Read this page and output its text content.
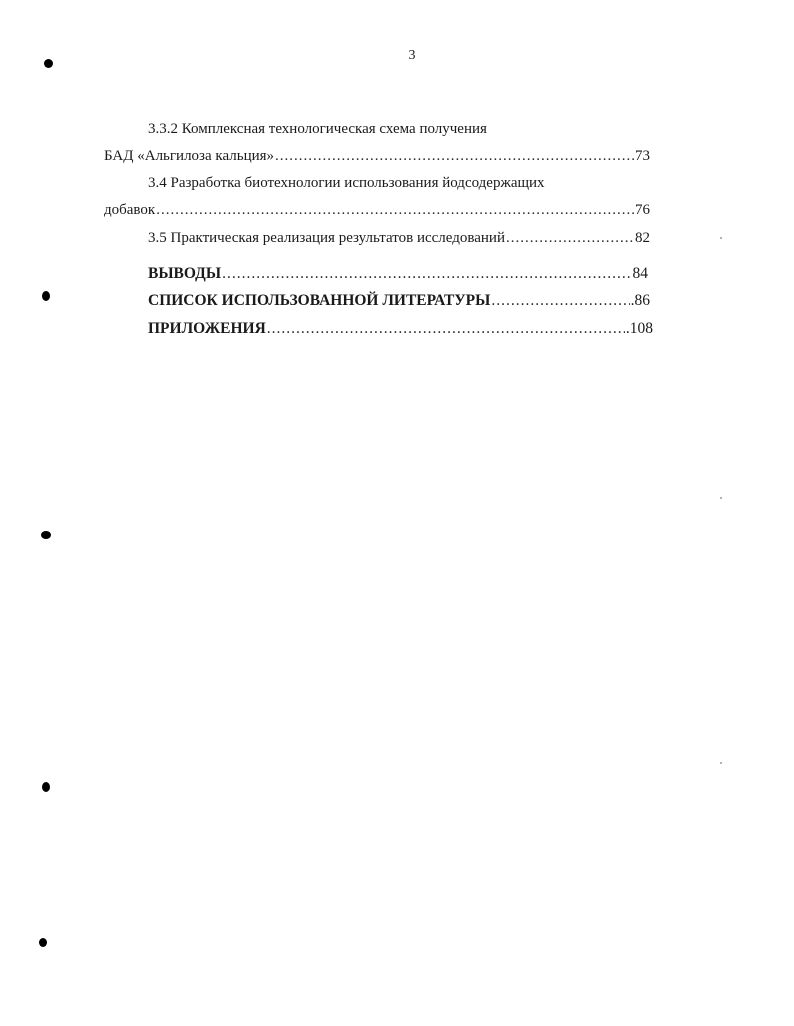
3
3.3.2 Комплексная технологическая схема получения
БАД «Альгилоза кальция» .....	73
3.4 Разработка биотехнологии использования йодсодержащих
добавок .....	76
3.5 Практическая реализация результатов исследований .....	82
ВЫВОДЫ .....	84
СПИСОК ИСПОЛЬЗОВАННОЙ ЛИТЕРАТУРЫ .....	.86
ПРИЛОЖЕНИЯ .....	.108
